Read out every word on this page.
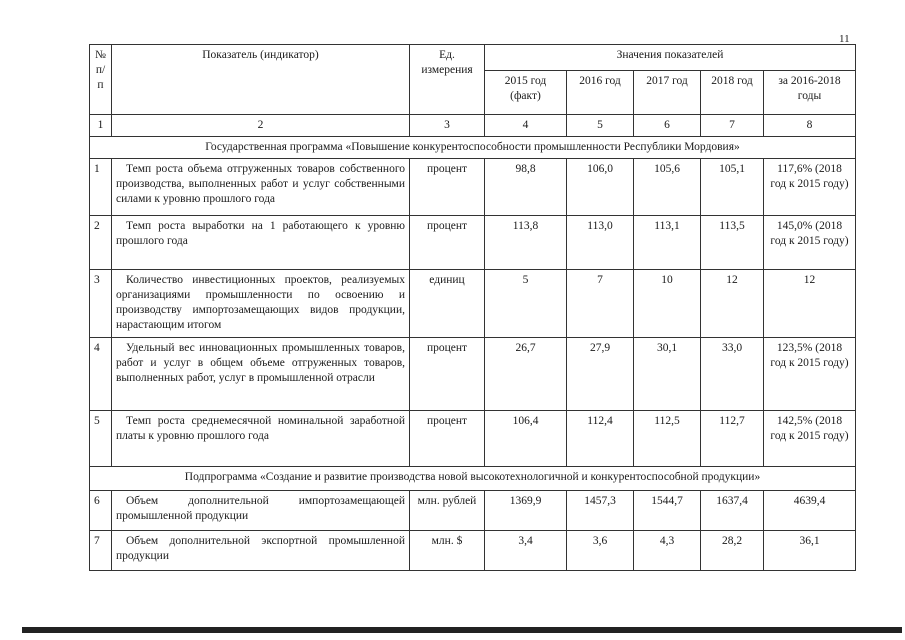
11
№ п/п	Показатель (индикатор)	Ед. измерения	Значения показателей				
			2015 год (факт)	2016 год	2017 год	2018 год	за 2016-2018 годы
1	2	3	4	5	6	7	8
Государственная программа «Повышение конкурентоспособности промышленности Республики Мордовия»							
1	Темп роста объема отгруженных товаров собственного производства, выполненных работ и услуг собственными силами к уровню прошлого года	процент	98,8	106,0	105,6	105,1	117,6% (2018 год к 2015 году)
2	Темп роста выработки на 1 работающего к уровню прошлого года	процент	113,8	113,0	113,1	113,5	145,0% (2018 год к 2015 году)
3	Количество инвестиционных проектов, реализуемых организациями промышленности по освоению и производству импортозамещающих видов продукции, нарастающим итогом	единиц	5	7	10	12	12
4	Удельный вес инновационных промышленных товаров, работ и услуг в общем объеме отгруженных товаров, выполненных работ, услуг в промышленной отрасли	процент	26,7	27,9	30,1	33,0	123,5% (2018 год к 2015 году)
5	Темп роста среднемесячной номинальной заработной платы к уровню прошлого года	процент	106,4	112,4	112,5	112,7	142,5% (2018 год к 2015 году)
Подпрограмма «Создание и развитие производства новой высокотехнологичной и конкурентоспособной продукции»							
6	Объем дополнительной импортозамещающей промышленной продукции	млн. рублей	1369,9	1457,3	1544,7	1637,4	4639,4
7	Объем дополнительной экспортной промышленной продукции	млн. $	3,4	3,6	4,3	28,2	36,1
